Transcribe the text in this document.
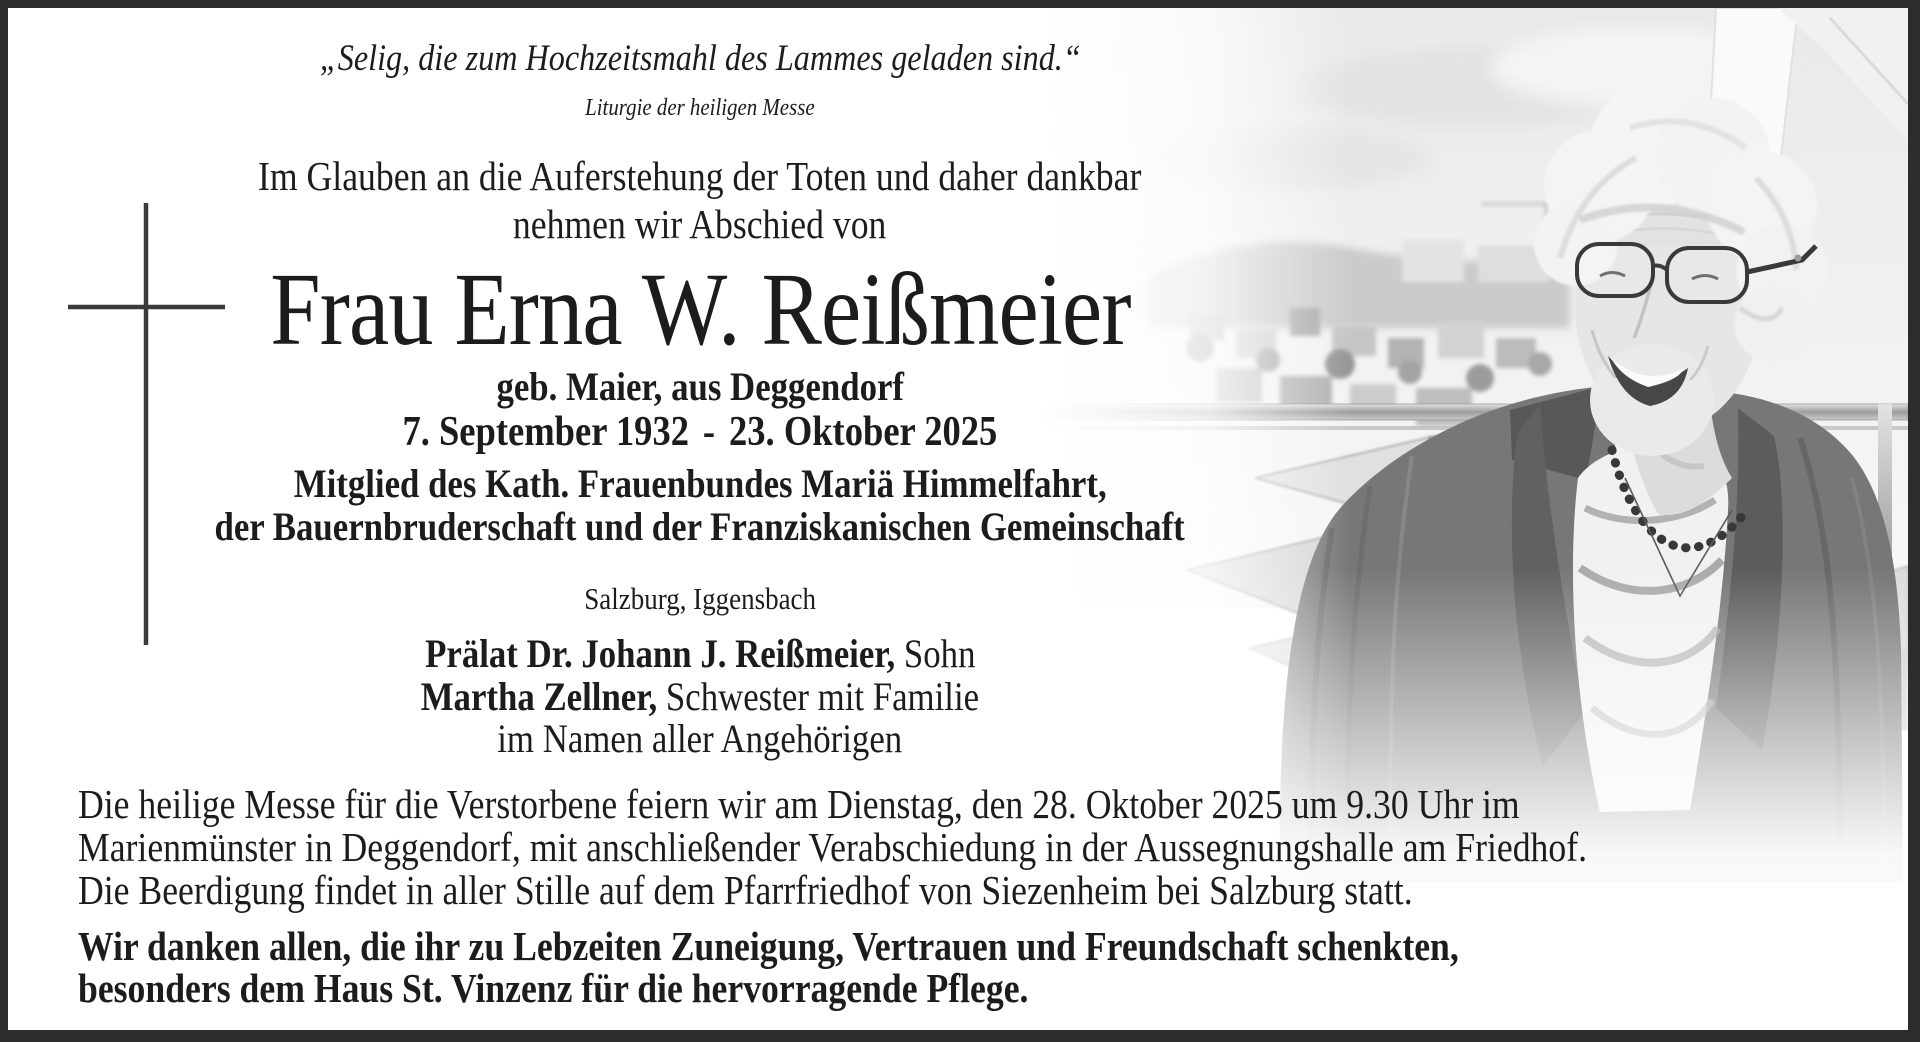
„Selig, die zum Hochzeitsmahl des Lammes geladen sind.“
Liturgie der heiligen Messe
Im Glauben an die Auferstehung der Toten und daher dankbar
nehmen wir Abschied von
Frau Erna W. Reißmeier
geb. Maier, aus Deggendorf
7. September 1932 - 23. Oktober 2025
Mitglied des Kath. Frauenbundes Mariä Himmelfahrt,
der Bauernbruderschaft und der Franziskanischen Gemeinschaft
Salzburg, Iggensbach
Prälat Dr. Johann J. Reißmeier, Sohn
Martha Zellner, Schwester mit Familie
im Namen aller Angehörigen
Die heilige Messe für die Verstorbene feiern wir am Dienstag, den 28. Oktober 2025 um 9.30 Uhr im
Marienmünster in Deggendorf, mit anschließender Verabschiedung in der Aussegnungshalle am Friedhof.
Die Beerdigung findet in aller Stille auf dem Pfarrfriedhof von Siezenheim bei Salzburg statt.
Wir danken allen, die ihr zu Lebzeiten Zuneigung, Vertrauen und Freundschaft schenkten,
besonders dem Haus St. Vinzenz für die hervorragende Pflege.
